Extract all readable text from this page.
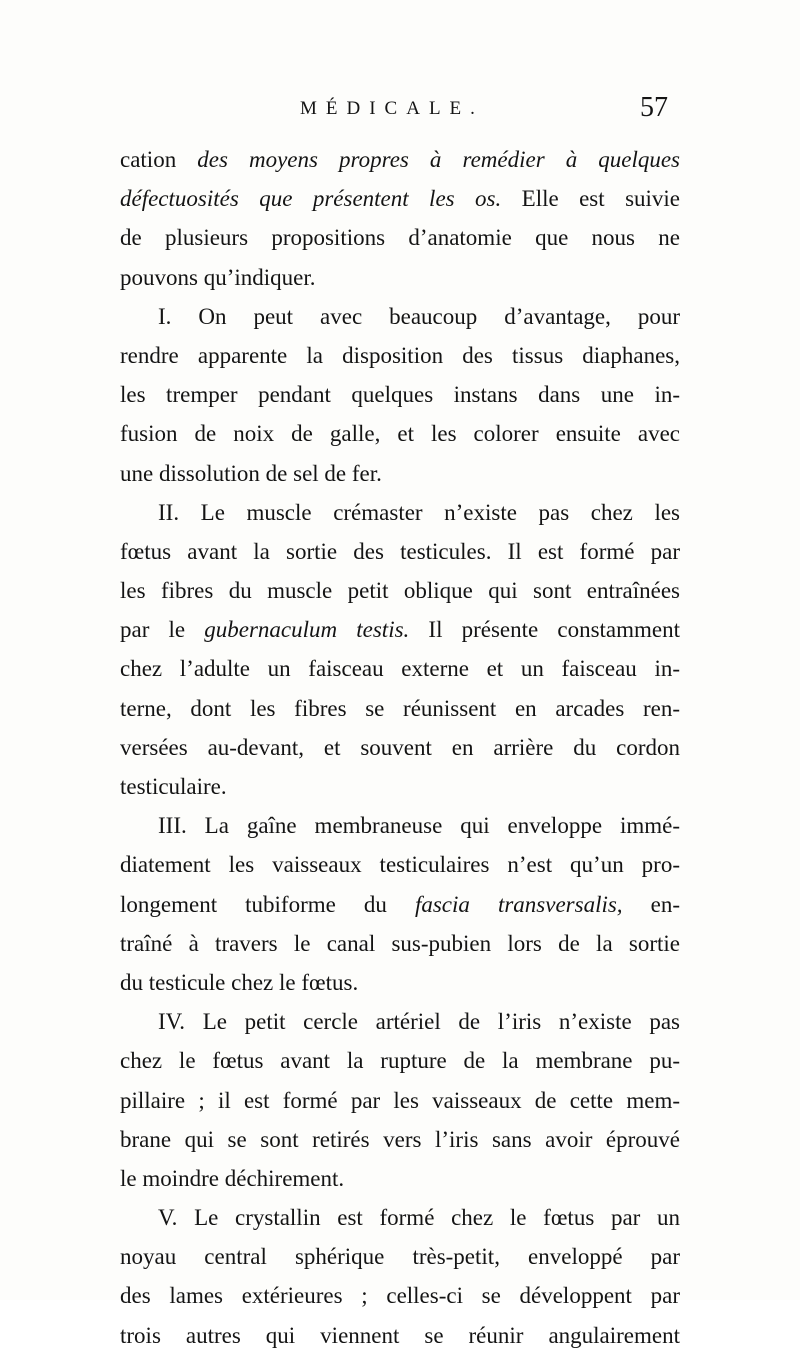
MÉDICALE.	57
cation des moyens propres à remédier à quelques
défectuosités que présentent les os. Elle est suivie
de plusieurs propositions d’anatomie que nous ne
pouvons qu’indiquer.
I. On peut avec beaucoup d’avantage, pour
rendre apparente la disposition des tissus diaphanes,
les tremper pendant quelques instans dans une in-
fusion de noix de galle, et les colorer ensuite avec
une dissolution de sel de fer.
II. Le muscle crémaster n’existe pas chez les
fœtus avant la sortie des testicules. Il est formé par
les fibres du muscle petit oblique qui sont entraînées
par le gubernaculum testis. Il présente constamment
chez l’adulte un faisceau externe et un faisceau in-
terne, dont les fibres se réunissent en arcades ren-
versées au-devant, et souvent en arrière du cordon
testiculaire.
III. La gaîne membraneuse qui enveloppe immé-
diatement les vaisseaux testiculaires n’est qu’un pro-
longement tubiforme du fascia transversalis, en-
traîné à travers le canal sus-pubien lors de la sortie
du testicule chez le fœtus.
IV. Le petit cercle artériel de l’iris n’existe pas
chez le fœtus avant la rupture de la membrane pu-
pillaire ; il est formé par les vaisseaux de cette mem-
brane qui se sont retirés vers l’iris sans avoir éprouvé
le moindre déchirement.
V. Le crystallin est formé chez le fœtus par un
noyau central sphérique très-petit, enveloppé par
des lames extérieures ; celles-ci se développent par
trois autres qui viennent se réunir angulairement
